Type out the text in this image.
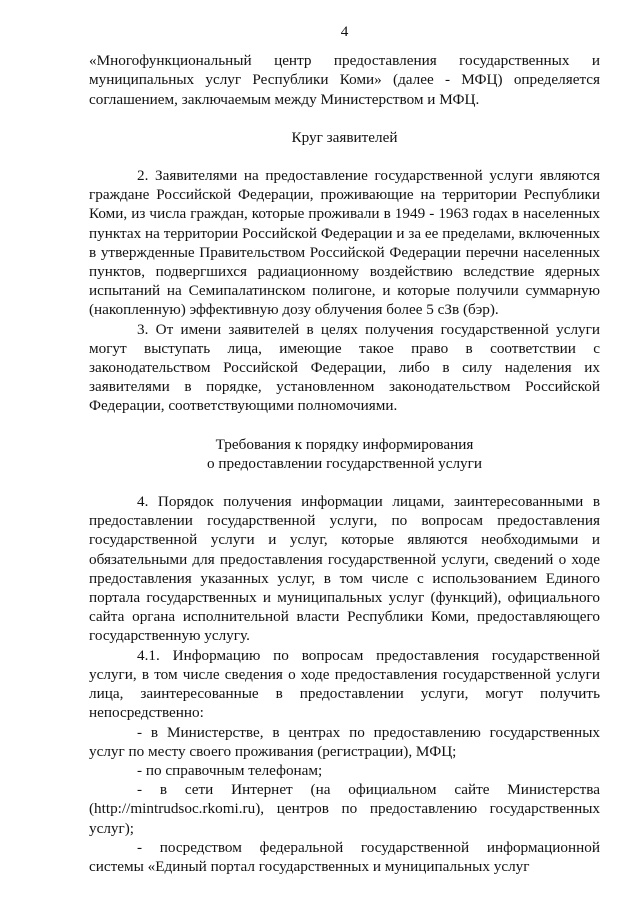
4

«Многофункциональный центр предоставления государственных и муниципальных услуг Республики Коми» (далее - МФЦ) определяется соглашением, заключаемым между Министерством и МФЦ.

Круг заявителей

2. Заявителями на предоставление государственной услуги являются граждане Российской Федерации, проживающие на территории Республики Коми, из числа граждан, которые проживали в 1949 - 1963 годах в населенных пунктах на территории Российской Федерации и за ее пределами, включенных в утвержденные Правительством Российской Федерации перечни населенных пунктов, подвергшихся радиационному воздействию вследствие ядерных испытаний на Семипалатинском полигоне, и которые получили суммарную (накопленную) эффективную дозу облучения более 5 сЗв (бэр).

3. От имени заявителей в целях получения государственной услуги могут выступать лица, имеющие такое право в соответствии с законодательством Российской Федерации, либо в силу наделения их заявителями в порядке, установленном законодательством Российской Федерации, соответствующими полномочиями.

Требования к порядку информирования
о предоставлении государственной услуги

4. Порядок получения информации лицами, заинтересованными в предоставлении государственной услуги, по вопросам предоставления государственной услуги и услуг, которые являются необходимыми и обязательными для предоставления государственной услуги, сведений о ходе предоставления указанных услуг, в том числе с использованием Единого портала государственных и муниципальных услуг (функций), официального сайта органа исполнительной власти Республики Коми, предоставляющего государственную услугу.

4.1. Информацию по вопросам предоставления государственной услуги, в том числе сведения о ходе предоставления государственной услуги лица, заинтересованные в предоставлении услуги, могут получить непосредственно:

- в Министерстве, в центрах по предоставлению государственных услуг по месту своего проживания (регистрации), МФЦ;

- по справочным телефонам;

- в сети Интернет (на официальном сайте Министерства (http://mintrudsoc.rkomi.ru), центров по предоставлению государственных услуг);

- посредством федеральной государственной информационной системы «Единый портал государственных и муниципальных услуг
